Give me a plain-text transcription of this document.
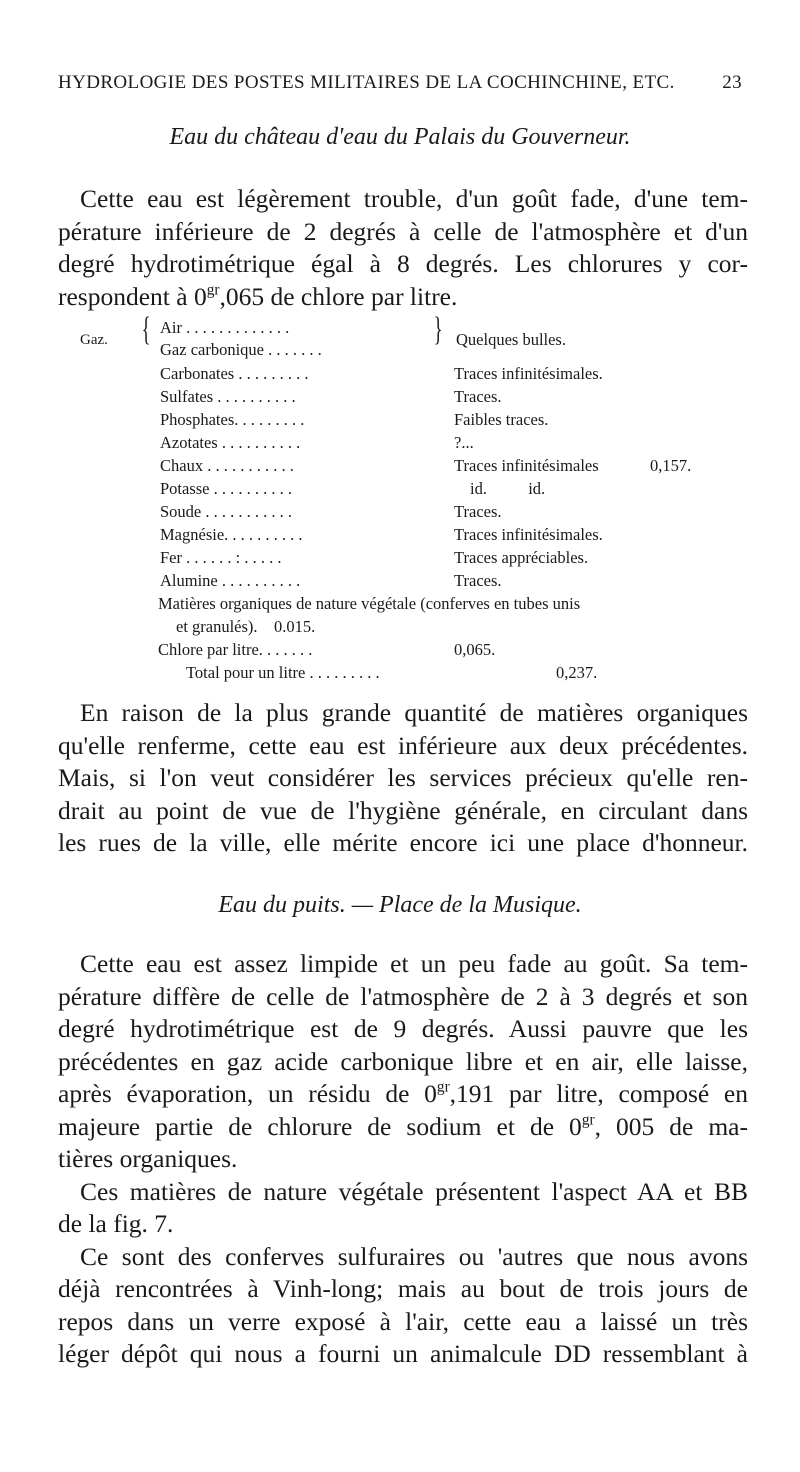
HYDROLOGIE DES POSTES MILITAIRES DE LA COCHINCHINE, ETC. 23
Eau du château d'eau du Palais du Gouverneur.
Cette eau est légèrement trouble, d'un goût fade, d'une tem-
pérature inférieure de 2 degrés à celle de l'atmosphère et d'un
degré hydrotimétrique égal à 8 degrés. Les chlorures y cor-
respondent à $0^{gr},065$ de chlore par litre.
Gaz. { Air . . . . . . . . . . . . .
Gaz carbonique . . . . . . .
} Quelques bulles.
Carbonates . . . . . . . . .	Traces infinitésimales.
Sulfates . . . . . . . . . .	Traces.
Phosphates. . . . . . . . .	Faibles traces.
Azotates . . . . . . . . . .	?...
Chaux . . . . . . . . . . .	Traces infinitésimales	0,157.
Potasse . . . . . . . . . .	id.          id.
Soude . . . . . . . . . . .	Traces.
Magnésie. . . . . . . . . .	Traces infinitésimales.
Fer . . . . . . : . . . . .	Traces appréciables.
Alumine . . . . . . . . . .	Traces.
Matières organiques de nature végétale (conferves en tubes unis
et granulés).    0.015.
Chlore par litre. . . . . . .	0,065.
Total pour un litre . . . . . . . . .	0,237.
En raison de la plus grande quantité de matières organiques
qu'elle renferme, cette eau est inférieure aux deux précédentes.
Mais, si l'on veut considérer les services précieux qu'elle ren-
drait au point de vue de l'hygiène générale, en circulant dans
les rues de la ville, elle mérite encore ici une place d'honneur.
Eau du puits. — Place de la Musique.
Cette eau est assez limpide et un peu fade au goût. Sa tem-
pérature diffère de celle de l'atmosphère de 2 à 3 degrés et son
degré hydrotimétrique est de 9 degrés. Aussi pauvre que les
précédentes en gaz acide carbonique libre et en air, elle laisse,
après évaporation, un résidu de $0^{gr},191$ par litre, composé en
majeure partie de chlorure de sodium et de $0^{gr}$, 005 de ma-
tières organiques.
Ces matières de nature végétale présentent l'aspect AA et BB
de la fig. 7.
Ce sont des conferves sulfuraires ou 'autres que nous avons
déjà rencontrées à Vinh-long; mais au bout de trois jours de
repos dans un verre exposé à l'air, cette eau a laissé un très
léger dépôt qui nous a fourni un animalcule DD ressemblant à
